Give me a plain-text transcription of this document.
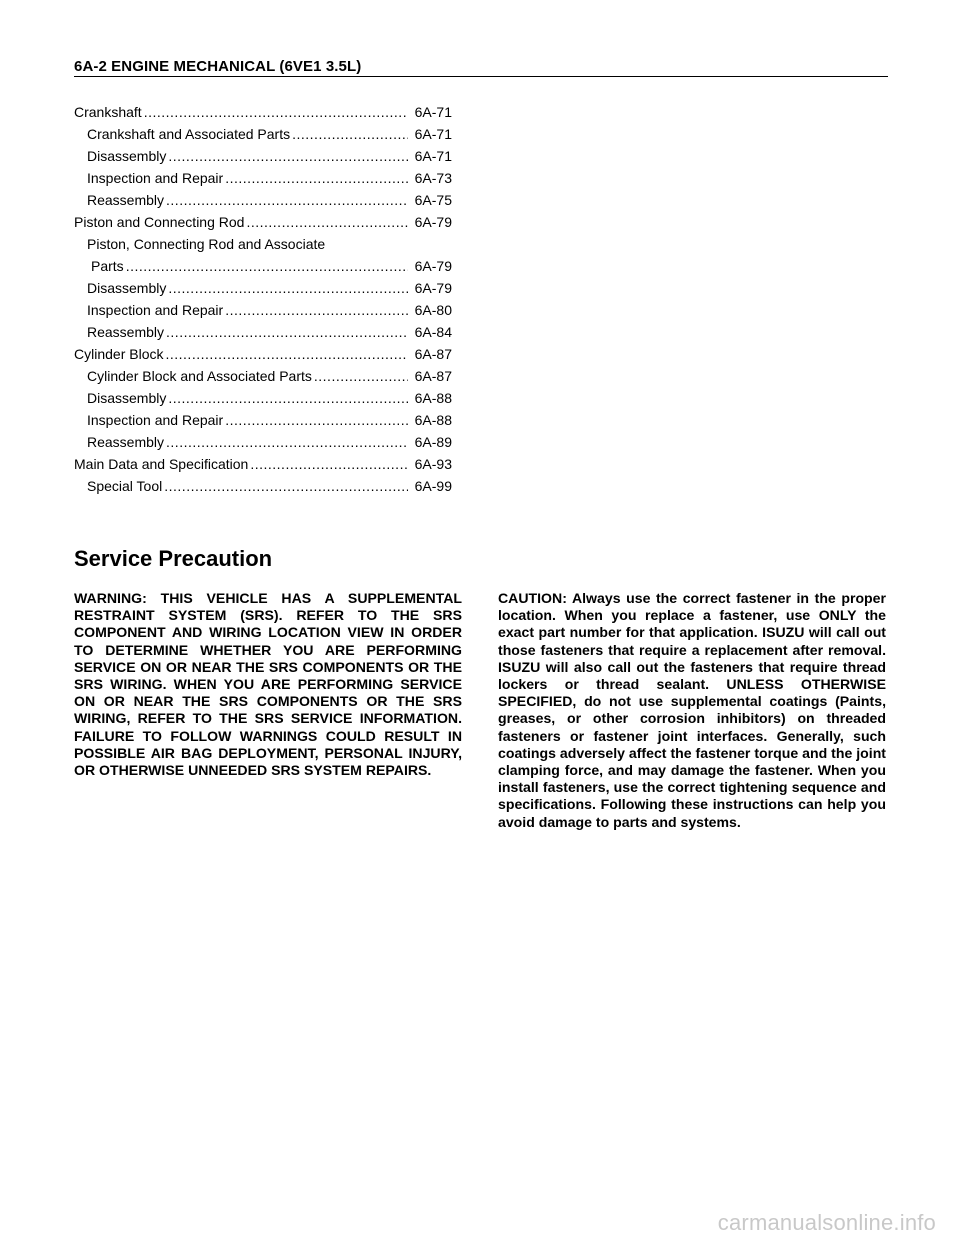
6A-2 ENGINE MECHANICAL (6VE1 3.5L)
Crankshaft .....	6A-71
Crankshaft and Associated Parts .....	6A-71
Disassembly .....	6A-71
Inspection and Repair .....	6A-73
Reassembly .....	6A-75
Piston and Connecting Rod .....	6A-79
Piston, Connecting Rod and Associate
Parts .....	6A-79
Disassembly .....	6A-79
Inspection and Repair .....	6A-80
Reassembly .....	6A-84
Cylinder Block .....	6A-87
Cylinder Block and Associated Parts .....	6A-87
Disassembly .....	6A-88
Inspection and Repair .....	6A-88
Reassembly .....	6A-89
Main Data and Specification .....	6A-93
Special Tool .....	6A-99
Service Precaution

WARNING: THIS VEHICLE HAS A SUPPLEMENTAL RESTRAINT SYSTEM (SRS). REFER TO THE SRS COMPONENT AND WIRING LOCATION VIEW IN ORDER TO DETERMINE WHETHER YOU ARE PERFORMING SERVICE ON OR NEAR THE SRS COMPONENTS OR THE SRS WIRING. WHEN YOU ARE PERFORMING SERVICE ON OR NEAR THE SRS COMPONENTS OR THE SRS WIRING, REFER TO THE SRS SERVICE INFORMATION. FAILURE TO FOLLOW WARNINGS COULD RESULT IN POSSIBLE AIR BAG DEPLOYMENT, PERSONAL INJURY, OR OTHERWISE UNNEEDED SRS SYSTEM REPAIRS.

CAUTION: Always use the correct fastener in the proper location. When you replace a fastener, use ONLY the exact part number for that application. ISUZU will call out those fasteners that require a replacement after removal. ISUZU will also call out the fasteners that require thread lockers or thread sealant. UNLESS OTHERWISE SPECIFIED, do not use supplemental coatings (Paints, greases, or other corrosion inhibitors) on threaded fasteners or fastener joint interfaces. Generally, such coatings adversely affect the fastener torque and the joint clamping force, and may damage the fastener. When you install fasteners, use the correct tightening sequence and specifications. Following these instructions can help you avoid damage to parts and systems.

carmanualsonline.info
